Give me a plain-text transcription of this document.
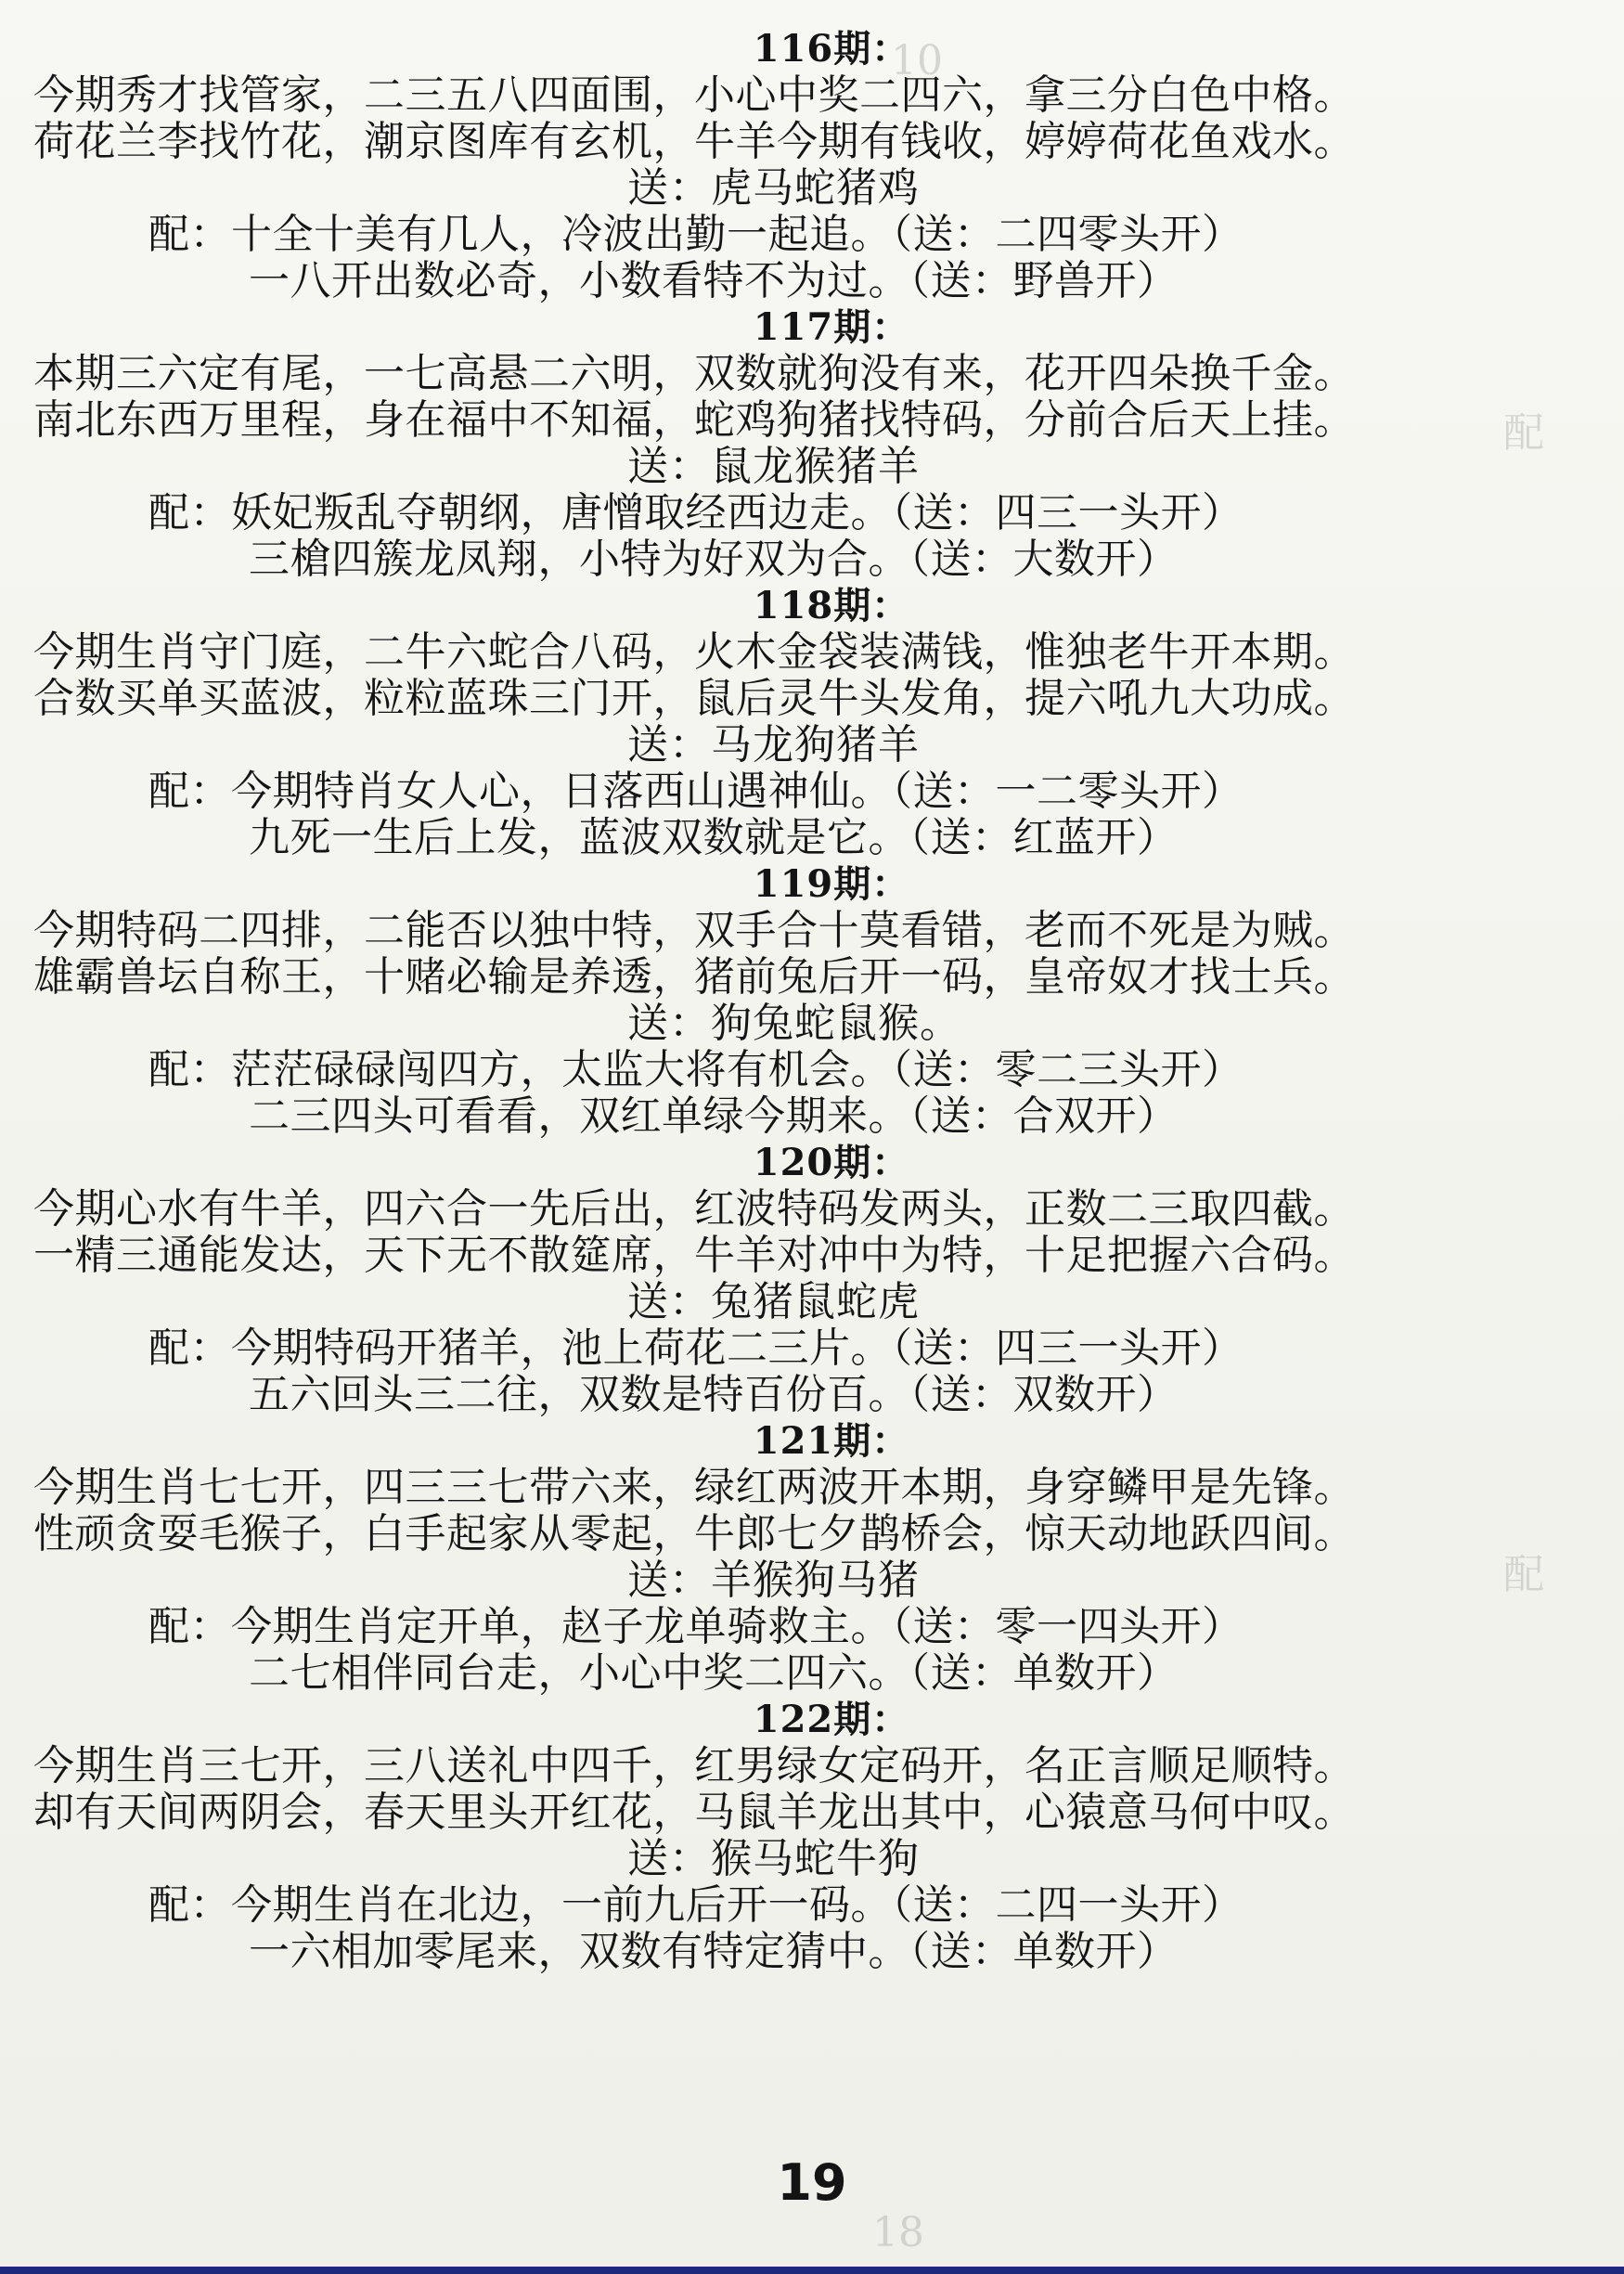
10
配
配
18
116期：
今期秀才找管家，二三五八四面围，小心中奖二四六，拿三分白色中格。
荷花兰李找竹花，潮京图库有玄机，牛羊今期有钱收，婷婷荷花鱼戏水。
送：虎马蛇猪鸡
配：十全十美有几人，冷波出勤一起追。（送：二四零头开）
一八开出数必奇，小数看特不为过。（送：野兽开）
117期：
本期三六定有尾，一七高悬二六明，双数就狗没有来，花开四朵换千金。
南北东西万里程，身在福中不知福，蛇鸡狗猪找特码，分前合后天上挂。
送：鼠龙猴猪羊
配：妖妃叛乱夺朝纲，唐憎取经西边走。（送：四三一头开）
三槍四簇龙凤翔，小特为好双为合。（送：大数开）
118期：
今期生肖守门庭，二牛六蛇合八码，火木金袋装满钱，惟独老牛开本期。
合数买单买蓝波，粒粒蓝珠三门开，鼠后灵牛头发角，提六吼九大功成。
送：马龙狗猪羊
配：今期特肖女人心，日落西山遇神仙。（送：一二零头开）
九死一生后上发，蓝波双数就是它。（送：红蓝开）
119期：
今期特码二四排，二能否以独中特，双手合十莫看错，老而不死是为贼。
雄霸兽坛自称王，十赌必输是养透，猪前兔后开一码，皇帝奴才找士兵。
送：狗兔蛇鼠猴。
配：茫茫碌碌闯四方，太监大将有机会。（送：零二三头开）
二三四头可看看，双红单绿今期来。（送：合双开）
120期：
今期心水有牛羊，四六合一先后出，红波特码发两头，正数二三取四截。
一精三通能发达，天下无不散筵席，牛羊对冲中为特，十足把握六合码。
送：兔猪鼠蛇虎
配：今期特码开猪羊，池上荷花二三片。（送：四三一头开）
五六回头三二往，双数是特百份百。（送：双数开）
121期：
今期生肖七七开，四三三七带六来，绿红两波开本期，身穿鳞甲是先锋。
性顽贪耍毛猴子，白手起家从零起，牛郎七夕鹊桥会，惊天动地跃四间。
送：羊猴狗马猪
配：今期生肖定开单，赵子龙单骑救主。（送：零一四头开）
二七相伴同台走，小心中奖二四六。（送：单数开）
122期：
今期生肖三七开，三八送礼中四千，红男绿女定码开，名正言顺足顺特。
却有天间两阴会，春天里头开红花，马鼠羊龙出其中，心猿意马何中叹。
送：猴马蛇牛狗
配：今期生肖在北边，一前九后开一码。（送：二四一头开）
一六相加零尾来，双数有特定猜中。（送：单数开）
19
